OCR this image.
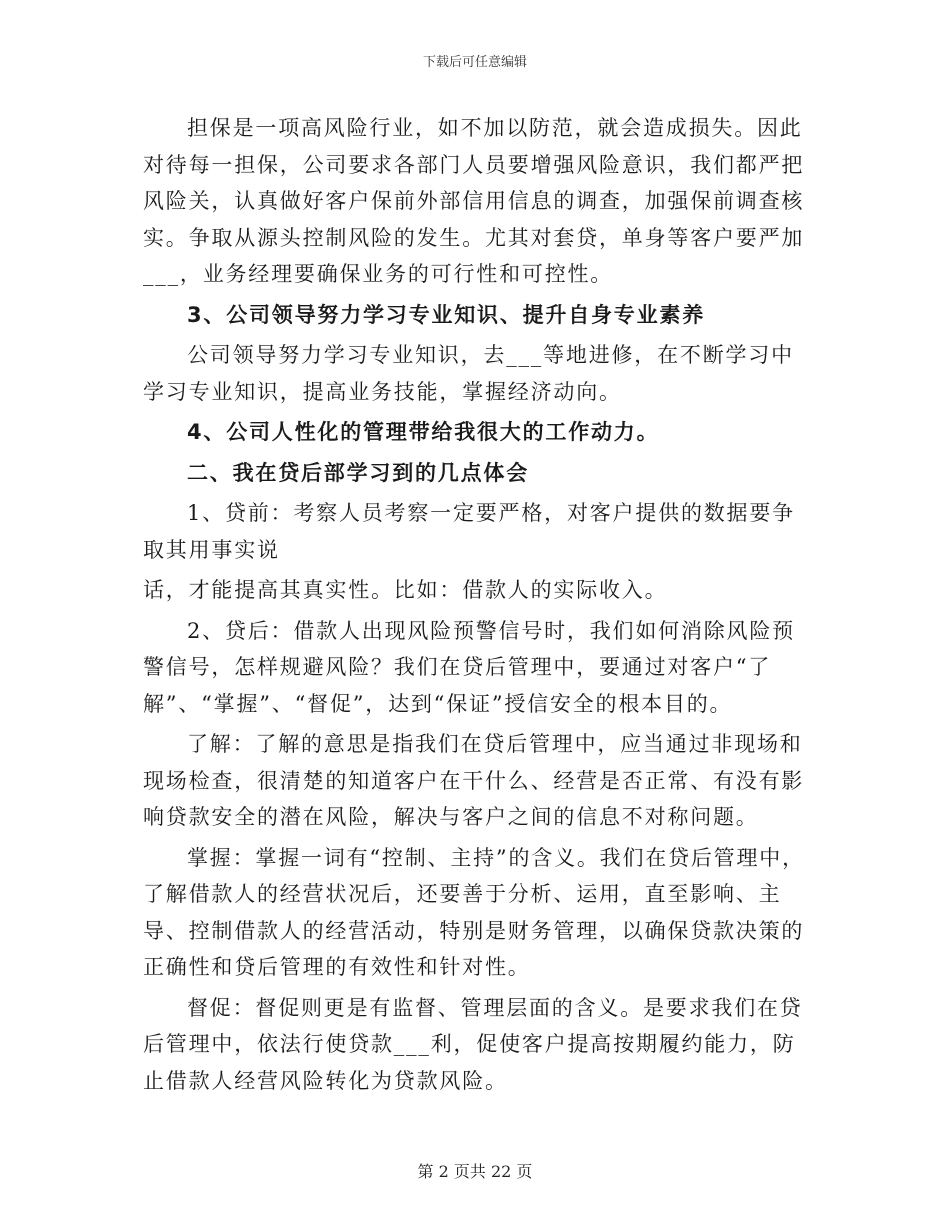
下载后可任意编辑

担保是一项高风险行业，如不加以防范，就会造成损失。因此对待每一担保，公司要求各部门人员要增强风险意识，我们都严把风险关，认真做好客户保前外部信用信息的调查，加强保前调查核实。争取从源头控制风险的发生。尤其对套贷，单身等客户要严加___，业务经理要确保业务的可行性和可控性。

3、公司领导努力学习专业知识、提升自身专业素养

公司领导努力学习专业知识，去___等地进修，在不断学习中学习专业知识，提高业务技能，掌握经济动向。

4、公司人性化的管理带给我很大的工作动力。

二、我在贷后部学习到的几点体会

1、贷前：考察人员考察一定要严格，对客户提供的数据要争取其用事实说

话，才能提高其真实性。比如：借款人的实际收入。

2、贷后：借款人出现风险预警信号时，我们如何消除风险预警信号，怎样规避风险？我们在贷后管理中，要通过对客户“了解”、“掌握”、“督促”，达到“保证”授信安全的根本目的。

了解：了解的意思是指我们在贷后管理中，应当通过非现场和现场检查，很清楚的知道客户在干什么、经营是否正常、有没有影响贷款安全的潜在风险，解决与客户之间的信息不对称问题。

掌握：掌握一词有“控制、主持”的含义。我们在贷后管理中，了解借款人的经营状况后，还要善于分析、运用，直至影响、主导、控制借款人的经营活动，特别是财务管理，以确保贷款决策的正确性和贷后管理的有效性和针对性。

督促：督促则更是有监督、管理层面的含义。是要求我们在贷后管理中，依法行使贷款___利，促使客户提高按期履约能力，防止借款人经营风险转化为贷款风险。

第 2 页共 22 页
